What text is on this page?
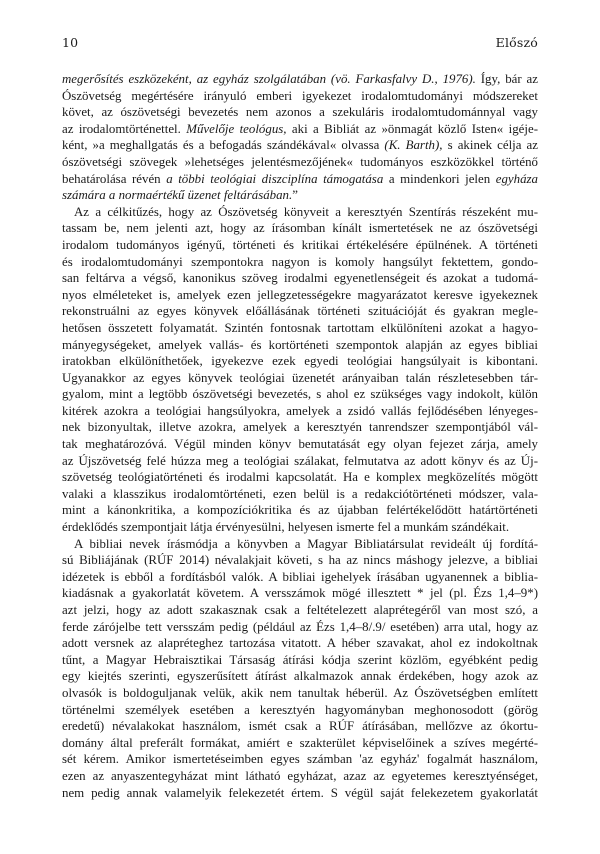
10	Előszó
megerősítés eszközeként, az egyház szolgálatában (vö. Farkasfalvy D., 1976). Így, bár az
Ószövetség megértésére irányuló emberi igyekezet irodalomtudományi módszereket
követ, az ószövetségi bevezetés nem azonos a szekuláris irodalomtudománnyal vagy
az irodalomtörténettel. Művelője teológus, aki a Bibliát az »önmagát közlő Isten« igéje-
ként, »a meghallgatás és a befogadás szándékával« olvassa (K. Barth), s akinek célja az
ószövetségi szövegek »lehetséges jelentésmezőjének« tudományos eszközökkel történő
behatárolása révén a többi teológiai diszciplína támogatása a mindenkori jelen egyháza
számára a normaértékű üzenet feltárásában.”
Az a célkitűzés, hogy az Ószövetség könyveit a keresztyén Szentírás részeként mu-
tassam be, nem jelenti azt, hogy az írásomban kínált ismertetések ne az ószövetségi
irodalom tudományos igényű, történeti és kritikai értékelésére épülnének. A történeti
és irodalomtudományi szempontokra nagyon is komoly hangsúlyt fektettem, gondo-
san feltárva a végső, kanonikus szöveg irodalmi egyenetlenségeit és azokat a tudomá-
nyos elméleteket is, amelyek ezen jellegzetességekre magyarázatot keresve igyekeznek
rekonstruálni az egyes könyvek előállásának történeti szituációját és gyakran megle-
hetősen összetett folyamatát. Szintén fontosnak tartottam elkülöníteni azokat a hagyo-
mányegységeket, amelyek vallás- és kortörténeti szempontok alapján az egyes bibliai
iratokban elkülöníthetőek, igyekezve ezek egyedi teológiai hangsúlyait is kibontani.
Ugyanakkor az egyes könyvek teológiai üzenetét arányaiban talán részletesebben tár-
gyalom, mint a legtöbb ószövetségi bevezetés, s ahol ez szükséges vagy indokolt, külön
kitérek azokra a teológiai hangsúlyokra, amelyek a zsidó vallás fejlődésében lényeges-
nek bizonyultak, illetve azokra, amelyek a keresztyén tanrendszer szempontjából vál-
tak meghatározóvá. Végül minden könyv bemutatását egy olyan fejezet zárja, amely
az Újszövetség felé húzza meg a teológiai szálakat, felmutatva az adott könyv és az Új-
szövetség teológiatörténeti és irodalmi kapcsolatát. Ha e komplex megközelítés mögött
valaki a klasszikus irodalomtörténeti, ezen belül is a redakciótörténeti módszer, vala-
mint a kánonkritika, a kompozíciókritika és az újabban felértékelődött határtörténeti
érdeklődés szempontjait látja érvényesülni, helyesen ismerte fel a munkám szándékait.
A bibliai nevek írásmódja a könyvben a Magyar Bibliatársulat revideált új fordítá-
sú Bibliájának (RÚF 2014) névalakjait követi, s ha az nincs máshogy jelezve, a bibliai
idézetek is ebből a fordításból valók. A bibliai igehelyek írásában ugyanennek a biblia-
kiadásnak a gyakorlatát követem. A versszámok mögé illesztett * jel (pl. Ézs 1,4–9*)
azt jelzi, hogy az adott szakasznak csak a feltételezett alaprétegéről van most szó, a
ferde zárójelbe tett versszám pedig (például az Ézs 1,4–8/.9/ esetében) arra utal, hogy az
adott versnek az alapréteghez tartozása vitatott. A héber szavakat, ahol ez indokoltnak
tűnt, a Magyar Hebraisztikai Társaság átírási kódja szerint közlöm, egyébként pedig
egy kiejtés szerinti, egyszerűsített átírást alkalmazok annak érdekében, hogy azok az
olvasók is boldoguljanak velük, akik nem tanultak héberül. Az Ószövetségben említett
történelmi személyek esetében a keresztyén hagyományban meghonosodott (görög
eredetű) névalakokat használom, ismét csak a RÚF átírásában, mellőzve az ókortu-
domány által preferált formákat, amiért e szakterület képviselőinek a szíves megérté-
sét kérem. Amikor ismertetéseimben egyes számban 'az egyház' fogalmát használom,
ezen az anyaszentegyházat mint látható egyházat, azaz az egyetemes keresztyénséget,
nem pedig annak valamelyik felekezetét értem. S végül saját felekezetem gyakorlatát
